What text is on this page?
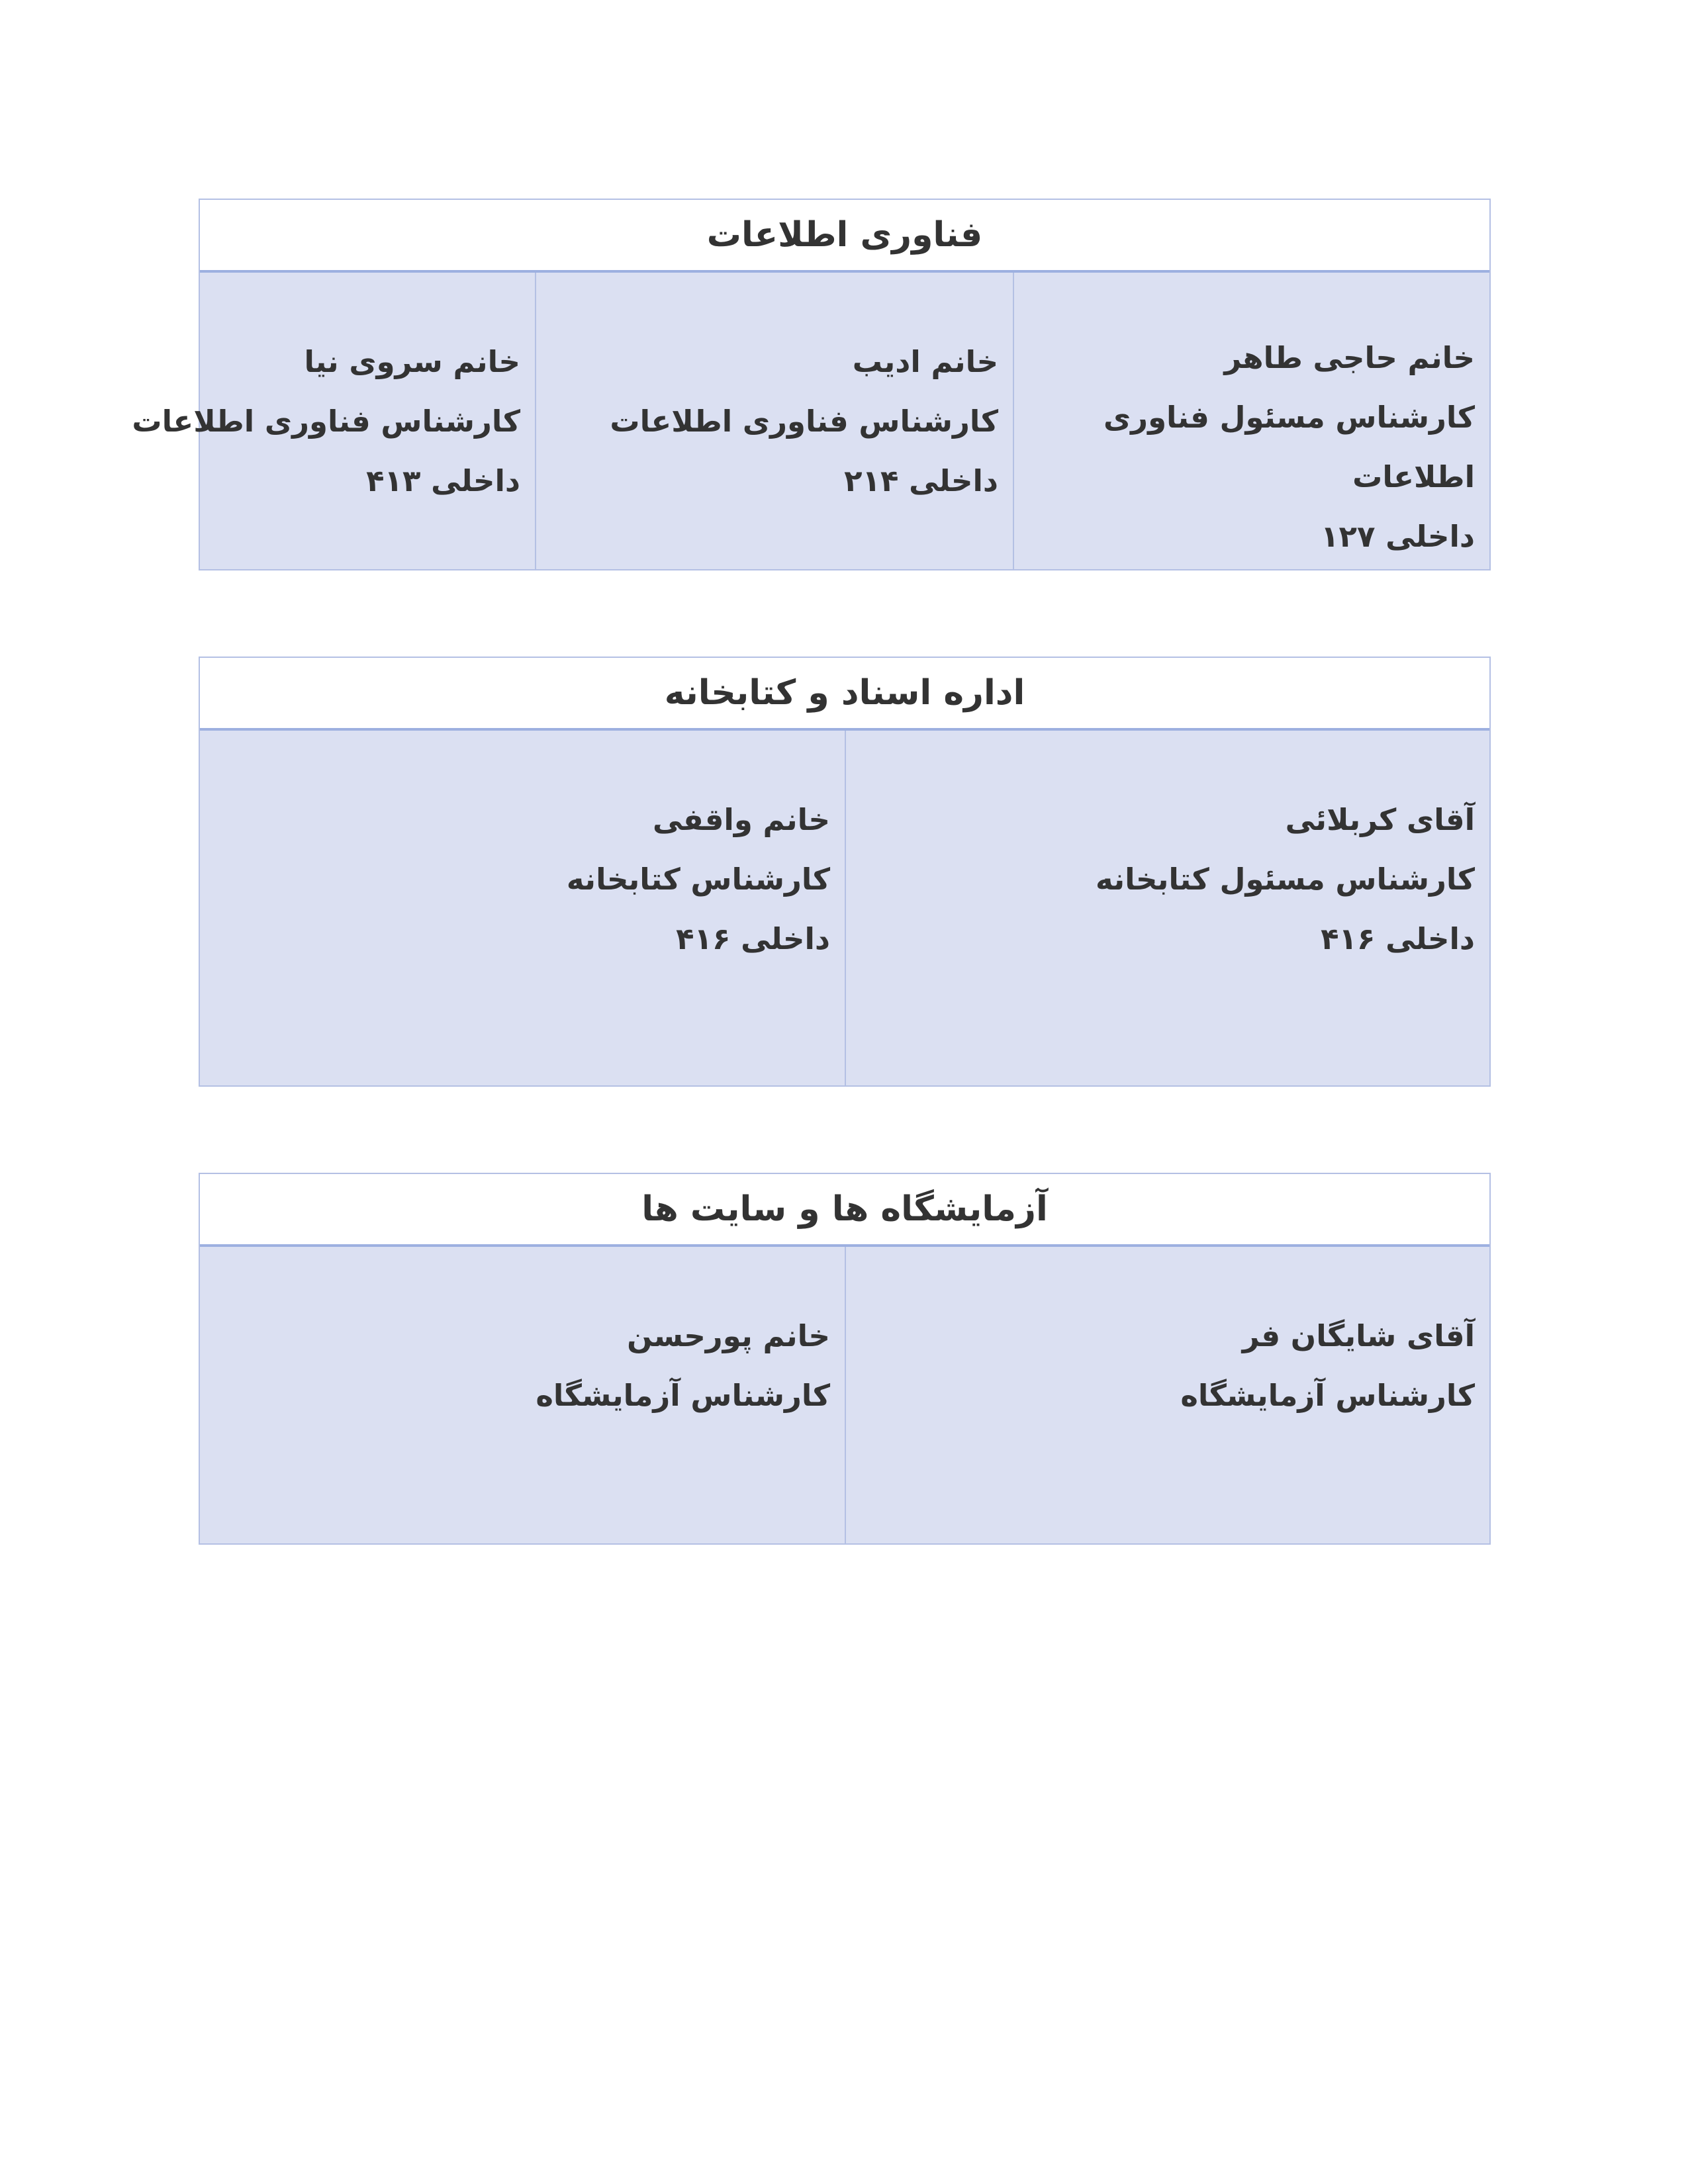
فناوری اطلاعات
خانم حاجی طاهر
کارشناس مسئول فناوری
اطلاعات
داخلی ۱۲۷
خانم ادیب
کارشناس فناوری اطلاعات
داخلی ۲۱۴
خانم سروی نیا
کارشناس فناوری اطلاعات
داخلی ۴۱۳
اداره اسناد و کتابخانه
آقای کربلائی
کارشناس مسئول کتابخانه
داخلی ۴۱۶
خانم واقفی
کارشناس کتابخانه
داخلی ۴۱۶
آزمایشگاه ها و سایت ها
آقای شایگان فر
کارشناس آزمایشگاه
خانم پورحسن
کارشناس آزمایشگاه
